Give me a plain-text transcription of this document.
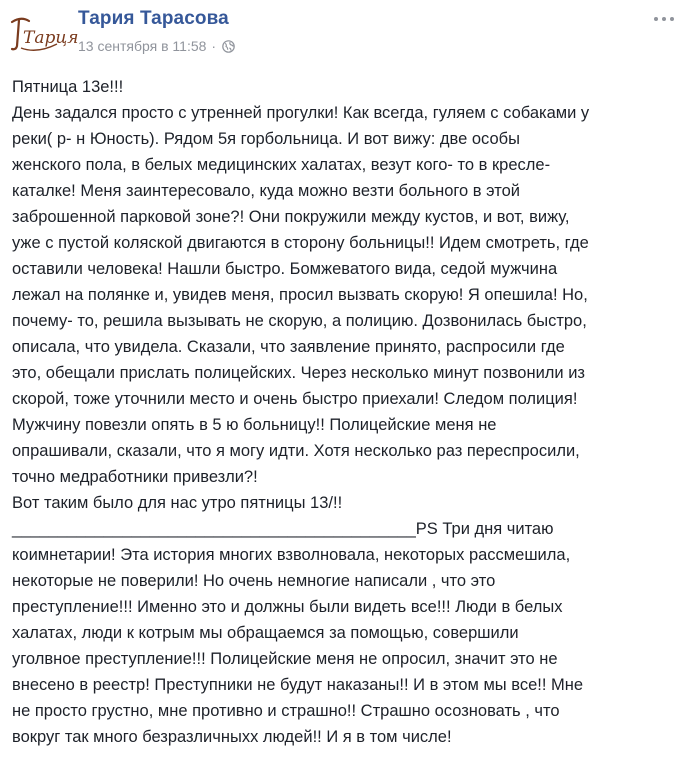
Тарця
Тария Тарасова
13 сентября в 11:58 ·
Пятница 13е!!!
День задался просто с утренней прогулки! Как всегда, гуляем с собаками у
реки( р- н Юность). Рядом 5я горбольница. И вот вижу: две особы
женского пола, в белых медицинских халатах, везут кого- то в кресле-
каталке! Меня заинтересовало, куда можно везти больного в этой
заброшенной парковой зоне?! Они покружили между кустов, и вот, вижу,
уже с пустой коляской двигаются в сторону больницы!! Идем смотреть, где
оставили человека! Нашли быстро. Бомжеватого вида, седой мужчина
лежал на полянке и, увидев меня, просил вызвать скорую! Я опешила! Но,
почему- то, решила вызывать не скорую, а полицию. Дозвонилась быстро,
описала, что увидела. Сказали, что заявление принято, распросили где
это, обещали прислать полицейских. Через несколько минут позвонили из
скорой, тоже уточнили место и очень быстро приехали! Следом полиция!
Мужчину повезли опять в 5 ю больницу!! Полицейские меня не
опрашивали, сказали, что я могу идти. Хотя несколько раз переспросили,
точно медработники привезли?!
Вот таким было для нас утро пятницы 13/!!
____________________________________________PS Три дня читаю
коимнетарии! Эта история многих взволновала, некоторых рассмешила,
некоторые не поверили! Но очень немногие написали , что это
преступление!!! Именно это и должны были видеть все!!! Люди в белых
халатах, люди к котрым мы обращаемся за помощью, совершили
уголвное преступление!!! Полицейские меня не опросил, значит это не
внесено в реестр! Преступники не будут наказаны!! И в этом мы все!! Мне
не просто грустно, мне противно и страшно!! Страшно осозновать , что
вокруг так много безразличныхх людей!! И я в том числе!
